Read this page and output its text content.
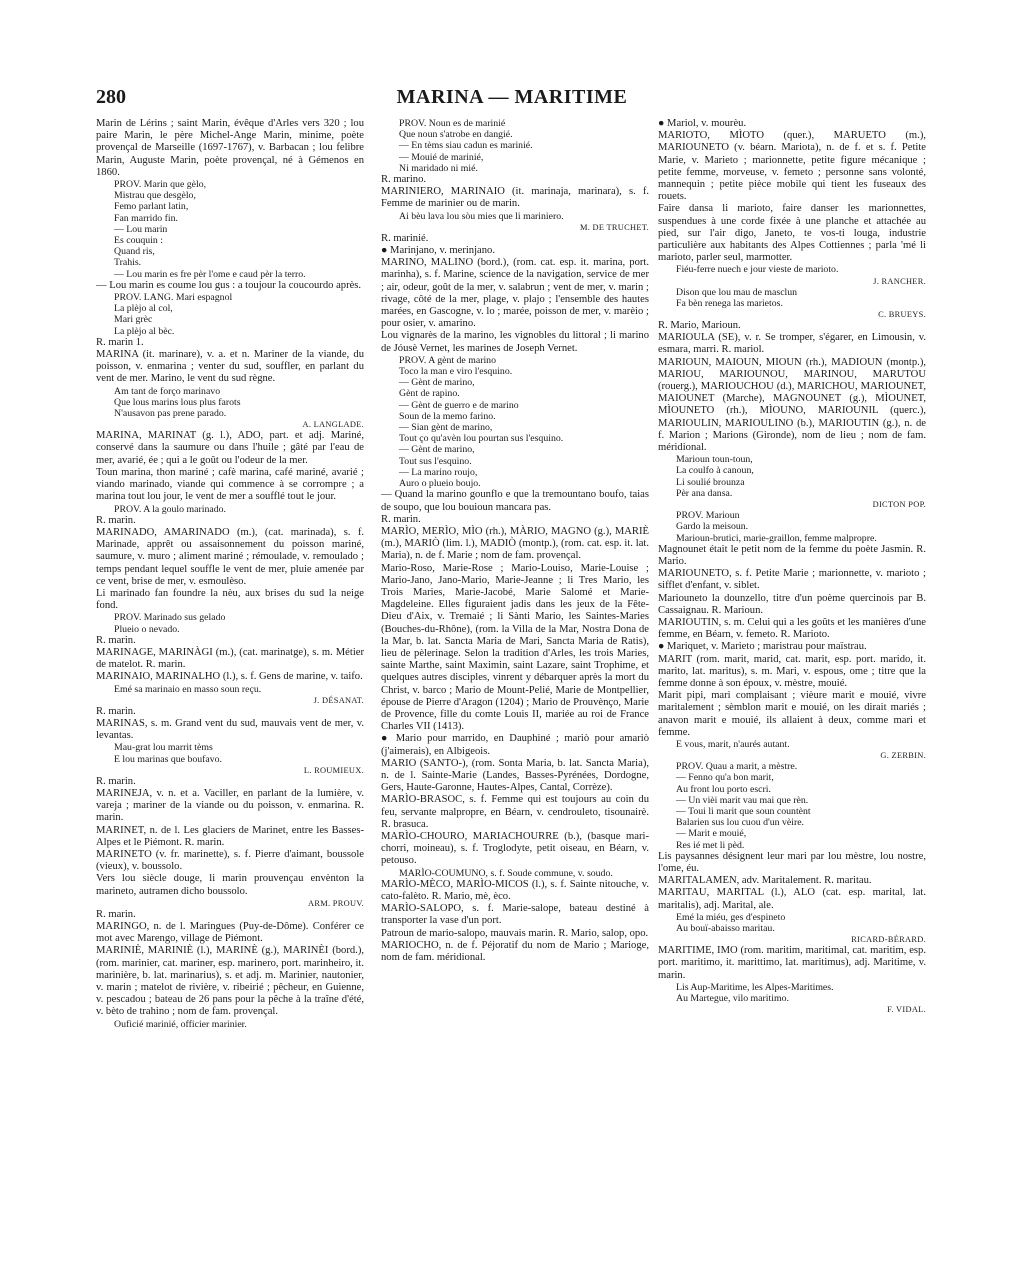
280	MARINA — MARITIME

Marin de Lérins ; saint Marin, évêque d'Arles vers 320 ; lou paire Marin, le père Michel-Ange Marin, minime, poète provençal de Marseille (1697-1767), v. Barbacan ; lou felibre Marin, Auguste Marin, poète provençal, né à Gémenos en 1860.

PROV. Marin que gèlo,

Mistrau que desgèlo,

Femo parlant latin,

Fan marrido fin.

— Lou marin

Es couquin :

Quand ris,

Trahis.

— Lou marin es fre pèr l'ome e caud pèr la terro.

— Lou marin es coume lou gus : a toujour la coucourdo après.

PROV. LANG. Mari espagnol

La plèjo al col,

Mari grèc

La plèjo al bèc.

R. marin 1.

MARINA (it. marinare), v. a. et n. Mariner de la viande, du poisson, v. enmarina ; venter du sud, souffler, en parlant du vent de mer. Marino, le vent du sud règne.

Am tant de forço marinavo

Que lous marins lous plus farots

N'ausavon pas prene parado.

A. LANGLADE.

MARINA, MARINAT (g. l.), ADO, part. et adj. Mariné, conservé dans la saumure ou dans l'huile ; gâté par l'eau de mer, avarié, ée ; qui a le goût ou l'odeur de la mer.

Toun marina, thon mariné ; cafè marina, café mariné, avarié ; viando marinado, viande qui commence à se corrompre ; a marina tout lou jour, le vent de mer a soufflé tout le jour.

PROV. A la goulo marinado.

R. marin.

MARINADO, AMARINADO (m.), (cat. marinada), s. f. Marinade, apprêt ou assaisonnement du poisson mariné, saumure, v. muro ; aliment mariné ; rémoulade, v. remoulado ; temps pendant lequel souffle le vent de mer, pluie amenée par ce vent, brise de mer, v. esmoulèso.

Li marinado fan foundre la nèu, aux brises du sud la neige fond.

PROV. Marinado sus gelado

Plueio o nevado.

R. marin.

MARINAGE, MARINÀGI (m.), (cat. marinatge), s. m. Métier de matelot. R. marin.

MARINAIO, MARINALHO (l.), s. f. Gens de marine, v. taifo.

Emé sa marinaio en masso soun reçu.

J. DÉSANAT.

R. marin.

MARINAS, s. m. Grand vent du sud, mauvais vent de mer, v. levantas.

Mau-grat lou marrit tèms

E lou marinas que boufavo.

L. ROUMIEUX.

R. marin.

MARINEJA, v. n. et a. Vaciller, en parlant de la lumière, v. vareja ; mariner de la viande ou du poisson, v. enmarina. R. marin.

MARINET, n. de l. Les glaciers de Marinet, entre les Basses-Alpes et le Piémont. R. marin.

MARINETO (v. fr. marinette), s. f. Pierre d'aimant, boussole (vieux), v. boussolo.

Vers lou siècle douge, li marin prouvençau envènton la marineto, autramen dicho boussolo.

ARM. PROUV.

R. marin.

MARINGO, n. de l. Maringues (Puy-de-Dôme). Conférer ce mot avec Marengo, village de Piémont.

MARINIÈ, MARINIÈ (l.), MARINÈ (g.), MARINÈI (bord.), (rom. marinier, cat. mariner, esp. marinero, port. marinheiro, it. marinière, b. lat. marinarius), s. et adj. m. Marinier, nautonier, v. marin ; matelot de rivière, v. ribeirié ; pêcheur, en Guienne, v. pescadou ; bateau de 26 pans pour la pêche à la traîne d'été, v. bèto de trahino ; nom de fam. provençal.

Oufìcié marinié, officier marinier.

PROV. Noun es de marinié

Que noun s'atrobe en dangié.

— En tèms siau cadun es marinié.

— Mouié de marinié,

Ni maridado ni mié.

R. marino.

MARINIERO, MARINAIO (it. marinaja, marinara), s. f. Femme de marinier ou de marin.

Ai bèu lava lou sòu mies que li mariniero.

M. DE TRUCHET.

R. marinié.

● Marinjano, v. merinjano.

MARINO, MALINO (bord.), (rom. cat. esp. it. marina, port. marinha), s. f. Marine, science de la navigation, service de mer ; air, odeur, goût de la mer, v. salabrun ; vent de mer, v. marin ; rivage, côté de la mer, plage, v. plajo ; l'ensemble des hautes marées, en Gascogne, v. lo ; marée, poisson de mer, v. marèio ; pour osier, v. amarino.

Lou vignarès de la marino, les vignobles du littoral ; li marino de Jóusè Vernet, les marines de Joseph Vernet.

PROV. A gènt de marino

Toco la man e viro l'esquino.

— Gènt de marino,

Gènt de rapino.

— Gènt de guerro e de marino

Soun de la memo farino.

— Sian gènt de marino,

Tout ço qu'avèn lou pourtan sus l'esquino.

— Gènt de marino,

Tout sus l'esquino.

— La marino roujo,

Auro o plueio boujo.

— Quand la marino gounflo e que la tremountano boufo, taias de soupo, que lou bouioun mancara pas.

R. marin.

MARÌO, MERÌO, MÌO (rh.), MÀRIO, MAGNO (g.), MARIÈ (m.), MARIÒ (lim. l.), MADIÒ (montp.), (rom. cat. esp. it. lat. Maria), n. de f. Marie ; nom de fam. provençal.

Mario-Roso, Marie-Rose ; Mario-Louiso, Marie-Louise ; Mario-Jano, Jano-Mario, Marie-Jeanne ; li Tres Mario, les Trois Maries, Marie-Jacobé, Marie Salomé et Marie-Magdeleine. Elles figuraient jadis dans les jeux de la Fête-Dieu d'Aix, v. Tremaié ; li Sànti Mario, les Saintes-Maries (Bouches-du-Rhône), (rom. la Villa de la Mar, Nostra Dona de la Mar, b. lat. Sancta Maria de Mari, Sancta Maria de Ratis), lieu de pèlerinage. Selon la tradition d'Arles, les trois Maries, sainte Marthe, saint Maximin, saint Lazare, saint Trophime, et quelques autres disciples, vinrent y débarquer après la mort du Christ, v. barco ; Mario de Mount-Pelié, Marie de Montpellier, épouse de Pierre d'Aragon (1204) ; Mario de Prouvènço, Marie de Provence, fille du comte Louis II, mariée au roi de France Charles VII (1413).

● Mario pour marrido, en Dauphiné ; mariò pour amariò (j'aimerais), en Albigeois.

MARIO (SANTO-), (rom. Sonta Maria, b. lat. Sancta Maria), n. de l. Sainte-Marie (Landes, Basses-Pyrénées, Dordogne, Gers, Haute-Garonne, Hautes-Alpes, Cantal, Corrèze).

MARÌO-BRASOC, s. f. Femme qui est toujours au coin du feu, servante malpropre, en Béarn, v. cendrouleto, tisounairè. R. brasuca.

MARÌO-CHOURO, MARIACHOURRE (b.), (basque mari-chorri, moineau), s. f. Troglodyte, petit oiseau, en Béarn, v. petouso.

MARÌO-COUMUNO, s. f. Soude commune, v. soudo.

MARÌO-MÈCO, MARÌO-MICOS (l.), s. f. Sainte nitouche, v. cato-falèto. R. Mario, mè, èco.

MARÌO-SALOPO, s. f. Marie-salope, bateau destiné à transporter la vase d'un port.

Patroun de mario-salopo, mauvais marin. R. Mario, salop, opo.

MARIOCHO, n. de f. Péjoratif du nom de Mario ; Marioge, nom de fam. méridional.

● Mariol, v. mourèu.

MARIOTO, MÌOTO (quer.), MARUETO (m.), MARIOUNETO (v. béarn. Mariota), n. de f. et s. f. Petite Marie, v. Marieto ; marionnette, petite figure mécanique ; petite femme, morveuse, v. femeto ; personne sans volonté, mannequin ; petite pièce mobile qui tient les fuseaux des rouets.

Faire dansa li marioto, faire danser les marionnettes, suspendues à une corde fixée à une planche et attachée au pied, sur l'air digo, Janeto, te vos-ti louga, industrie particulière aux habitants des Alpes Cottiennes ; parla 'mé li marioto, parler seul, marmotter.

Fiéu-ferre nuech e jour vieste de marioto.

J. RANCHER.

Dison que lou mau de masclun

Fa bèn renega las marietos.

C. BRUEYS.

R. Mario, Marioun.

MARIOULA (SE), v. r. Se tromper, s'égarer, en Limousin, v. esmara, marri. R. mariol.

MARIOUN, MAIOUN, MIOUN (rh.), MADIOUN (montp.), MARIOU, MARIOUNOU, MARINOU, MARUTOU (rouerg.), MARIOUCHOU (d.), MARICHOU, MARIOUNET, MAIOUNET (Marche), MAGNOUNET (g.), MÌOUNET, MÌOUNETO (rh.), MÌOUNO, MARIOUNIL (querc.), MARIOULIN, MARIOULINO (b.), MARIOUTIN (g.), n. de f. Marion ; Marions (Gironde), nom de lieu ; nom de fam. méridional.

Marioun toun-toun,

La coulfo à canoun,

Li soulié brounza

Pèr ana dansa.

DICTON POP.

PROV. Marioun

Gardo la meisoun.

Marioun-brutici, marie-graillon, femme malpropre.

Magnounet était le petit nom de la femme du poète Jasmin. R. Mario.

MARIOUNETO, s. f. Petite Marie ; marionnette, v. marioto ; sifflet d'enfant, v. siblet.

Mariouneto la dounzello, titre d'un poème quercinois par B. Cassaignau. R. Marioun.

MARIOUTIN, s. m. Celui qui a les goûts et les manières d'une femme, en Béarn, v. femeto. R. Marioto.

● Mariquet, v. Marieto ; maristrau pour maïstrau.

MARIT (rom. marit, marid, cat. marit, esp. port. marido, it. marito, lat. maritus), s. m. Mari, v. espous, ome ; titre que la femme donne à son époux, v. mèstre, mouié.

Marit pipi, mari complaisant ; vièure marit e mouié, vivre maritalement ; sèmblon marit e mouié, on les dirait mariés ; anavon marit e mouié, ils allaient à deux, comme mari et femme.

E vous, marit, n'aurés autant.

G. ZERBIN.

PROV. Quau a marit, a mèstre.

— Fenno qu'a bon marit,

Au front lou porto escri.

— Un vièi marit vau mai que rèn.

— Toui li marit que soun countènt

Balarien sus lou cuou d'un vèire.

— Marit e mouié,

Res ié met li pèd.

Lis paysannes désignent leur mari par lou mèstre, lou nostre, l'ome, éu.

MARITALAMEN, adv. Maritalement. R. maritau.

MARITAU, MARITAL (l.), ALO (cat. esp. marital, lat. maritalis), adj. Marital, ale.

Emé la miéu, ges d'espineto

Au bouï-abaisso maritau.

RICARD-BÉRARD.

MARITIME, IMO (rom. maritim, maritimal, cat. maritim, esp. port. maritimo, it. marittimo, lat. maritimus), adj. Maritime, v. marin.

Lis Aup-Maritime, les Alpes-Maritimes.

Au Martegue, vilo maritimo.

F. VIDAL.
